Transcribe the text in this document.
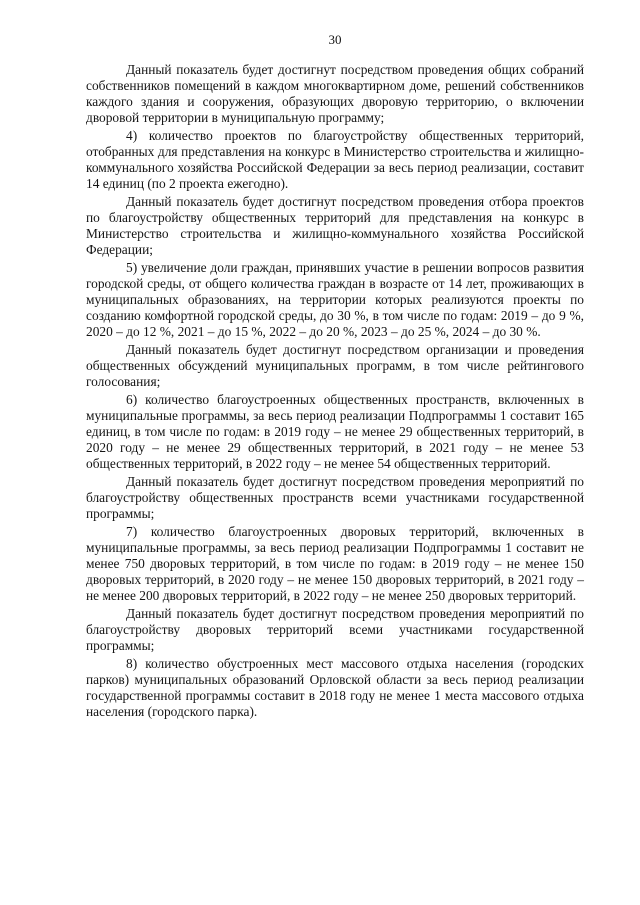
30

Данный показатель будет достигнут посредством проведения общих собраний собственников помещений в каждом многоквартирном доме, решений собственников каждого здания и сооружения, образующих дворовую территорию, о включении дворовой территории в муниципальную программу;

4) количество проектов по благоустройству общественных территорий, отобранных для представления на конкурс в Министерство строительства и жилищно-коммунального хозяйства Российской Федерации за весь период реализации, составит 14 единиц (по 2 проекта ежегодно).

Данный показатель будет достигнут посредством проведения отбора проектов по благоустройству общественных территорий для представления на конкурс в Министерство строительства и жилищно-коммунального хозяйства Российской Федерации;

5) увеличение доли граждан, принявших участие в решении вопросов развития городской среды, от общего количества граждан в возрасте от 14 лет, проживающих в муниципальных образованиях, на территории которых реализуются проекты по созданию комфортной городской среды, до 30 %, в том числе по годам: 2019 – до 9 %, 2020 – до 12 %, 2021 – до 15 %, 2022 – до 20 %, 2023 – до 25 %, 2024 – до 30 %.

Данный показатель будет достигнут посредством организации и проведения общественных обсуждений муниципальных программ, в том числе рейтингового голосования;

6) количество благоустроенных общественных пространств, включенных в муниципальные программы, за весь период реализации Подпрограммы 1 составит 165 единиц, в том числе по годам: в 2019 году – не менее 29 общественных территорий, в 2020 году – не менее 29 общественных территорий, в 2021 году – не менее 53 общественных территорий, в 2022 году – не менее 54 общественных территорий.

Данный показатель будет достигнут посредством проведения мероприятий по благоустройству общественных пространств всеми участниками государственной программы;

7) количество благоустроенных дворовых территорий, включенных в муниципальные программы, за весь период реализации Подпрограммы 1 составит не менее 750 дворовых территорий, в том числе по годам: в 2019 году – не менее 150 дворовых территорий, в 2020 году – не менее 150 дворовых территорий, в 2021 году – не менее 200 дворовых территорий, в 2022 году – не менее 250 дворовых территорий.

Данный показатель будет достигнут посредством проведения мероприятий по благоустройству дворовых территорий всеми участниками государственной программы;

8) количество обустроенных мест массового отдыха населения (городских парков) муниципальных образований Орловской области за весь период реализации государственной программы составит в 2018 году не менее 1 места массового отдыха населения (городского парка).
